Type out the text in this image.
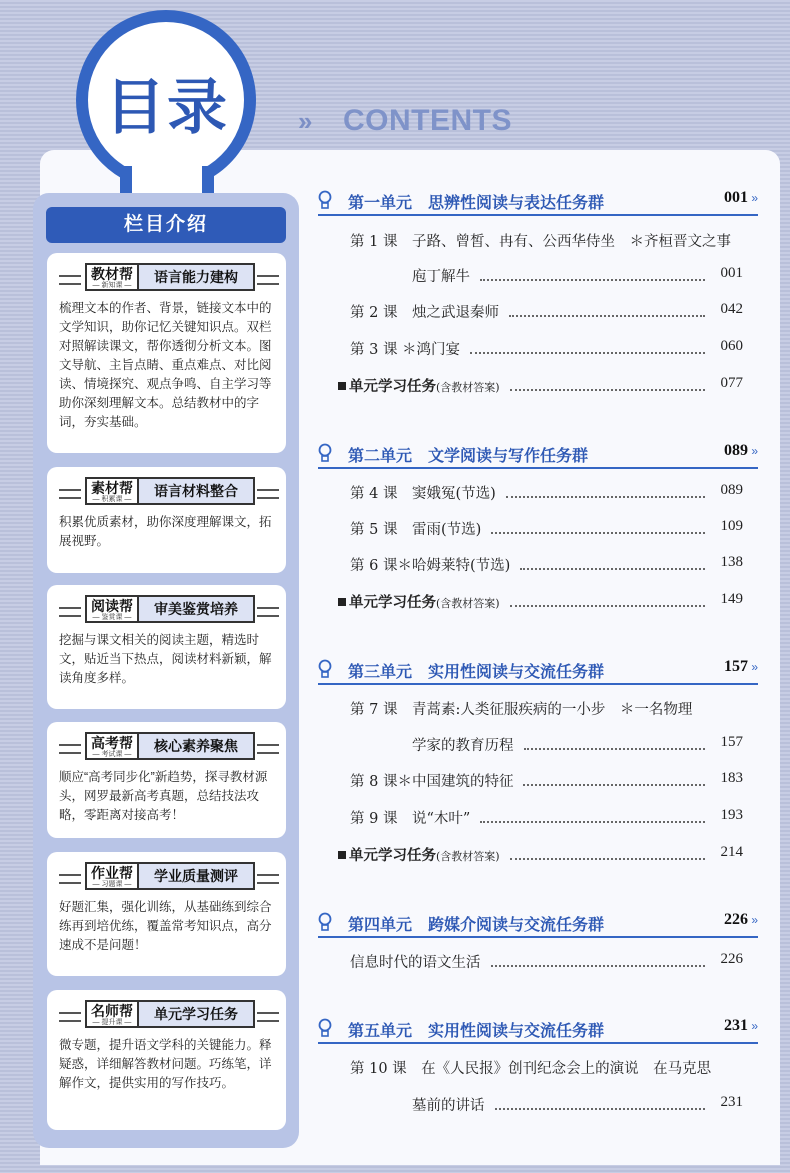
目录	» CONTENTS
栏目介绍
教材帮
— 新知课 —
语言能力建构
梳理文本的作者、背景，链接文本中的文学知识，助你记忆关键知识点。双栏对照解读课文，帮你透彻分析文本。图文导航、主旨点睛、重点难点、对比阅读、情境探究、观点争鸣、自主学习等助你深刻理解文本。总结教材中的字词，夯实基础。
素材帮
— 积累课 —
语言材料整合
积累优质素材，助你深度理解课文，拓展视野。
阅读帮
— 鉴赏课 —
审美鉴赏培养
挖掘与课文相关的阅读主题，精选时文，贴近当下热点，阅读材料新颖，解读角度多样。
高考帮
— 考试课 —
核心素养聚焦
顺应“高考同步化”新趋势，探寻教材源头，网罗最新高考真题，总结技法攻略，零距离对接高考！
作业帮
— 习题课 —
学业质量测评
好题汇集，强化训练，从基础练到综合练再到培优练，覆盖常考知识点，高分速成不是问题！
名师帮
— 提升课 —
单元学习任务
微专题，提升语文学科的关键能力。释疑惑，详细解答教材问题。巧练笔，详解作文，提供实用的写作技巧。
第一单元　思辨性阅读与表达任务群	001 »
第 1 课　子路、曾皙、冉有、公西华侍坐　＊齐桓晋文之事
庖丁解牛	001
第 2 课　烛之武退秦师	042
第 3 课 ＊鸿门宴	060
单元学习任务(含教材答案)	077
第二单元　文学阅读与写作任务群	089 »
第 4 课　窦娥冤(节选)	089
第 5 课　雷雨(节选)	109
第 6 课＊哈姆莱特(节选)	138
单元学习任务(含教材答案)	149
第三单元　实用性阅读与交流任务群	157 »
第 7 课　青蒿素:人类征服疾病的一小步　＊一名物理
学家的教育历程	157
第 8 课＊中国建筑的特征	183
第 9 课　说“木叶”	193
单元学习任务(含教材答案)	214
第四单元　跨媒介阅读与交流任务群	226 »
信息时代的语文生活	226
第五单元　实用性阅读与交流任务群	231 »
第 10 课　在《人民报》创刊纪念会上的演说　在马克思
墓前的讲话	231
